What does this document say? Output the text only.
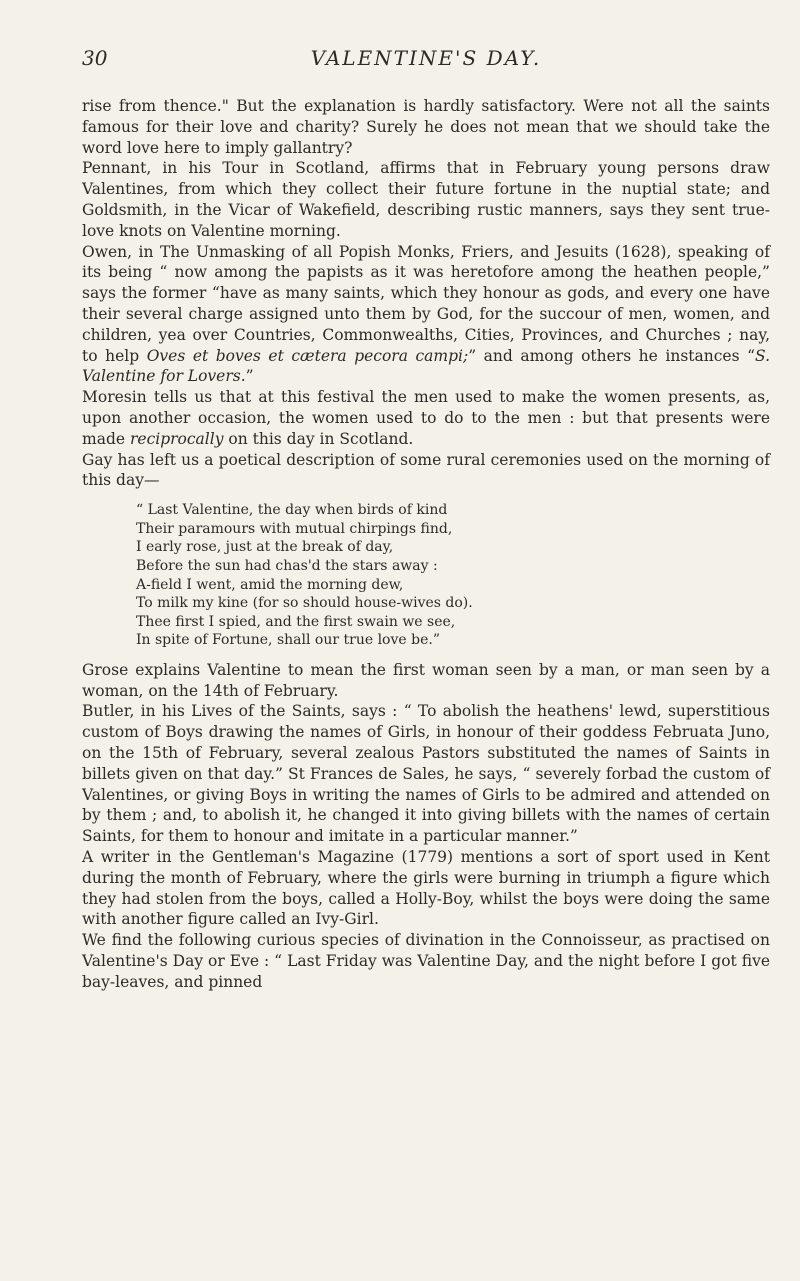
30	VALENTINE'S DAY.

rise from thence." But the explanation is hardly satisfactory. Were not all the saints famous for their love and charity? Surely he does not mean that we should take the word love here to imply gallantry?

Pennant, in his Tour in Scotland, affirms that in February young persons draw Valentines, from which they collect their future fortune in the nuptial state; and Goldsmith, in the Vicar of Wakefield, describing rustic manners, says they sent true-love knots on Valentine morning.

Owen, in The Unmasking of all Popish Monks, Friers, and Jesuits (1628), speaking of its being “ now among the papists as it was heretofore among the heathen people,” says the former “have as many saints, which they honour as gods, and every one have their several charge assigned unto them by God, for the succour of men, women, and children, yea over Countries, Commonwealths, Cities, Provinces, and Churches ; nay, to help Oves et boves et cætera pecora campi;” and among others he instances “S. Valentine for Lovers.”

Moresin tells us that at this festival the men used to make the women presents, as, upon another occasion, the women used to do to the men : but that presents were made reciprocally on this day in Scotland.

Gay has left us a poetical description of some rural ceremonies used on the morning of this day—

“ Last Valentine, the day when birds of kind
Their paramours with mutual chirpings find,
I early rose, just at the break of day,
Before the sun had chas'd the stars away :
A-field I went, amid the morning dew,
To milk my kine (for so should house-wives do).
Thee first I spied, and the first swain we see,
In spite of Fortune, shall our true love be.”

Grose explains Valentine to mean the first woman seen by a man, or man seen by a woman, on the 14th of February.

Butler, in his Lives of the Saints, says : “ To abolish the heathens' lewd, superstitious custom of Boys drawing the names of Girls, in honour of their goddess Februata Juno, on the 15th of February, several zealous Pastors substituted the names of Saints in billets given on that day.” St Frances de Sales, he says, “ severely forbad the custom of Valentines, or giving Boys in writing the names of Girls to be admired and attended on by them ; and, to abolish it, he changed it into giving billets with the names of certain Saints, for them to honour and imitate in a particular manner.”

A writer in the Gentleman's Magazine (1779) mentions a sort of sport used in Kent during the month of February, where the girls were burning in triumph a figure which they had stolen from the boys, called a Holly-Boy, whilst the boys were doing the same with another figure called an Ivy-Girl.

We find the following curious species of divination in the Connoisseur, as practised on Valentine's Day or Eve : “ Last Friday was Valentine Day, and the night before I got five bay-leaves, and pinned
